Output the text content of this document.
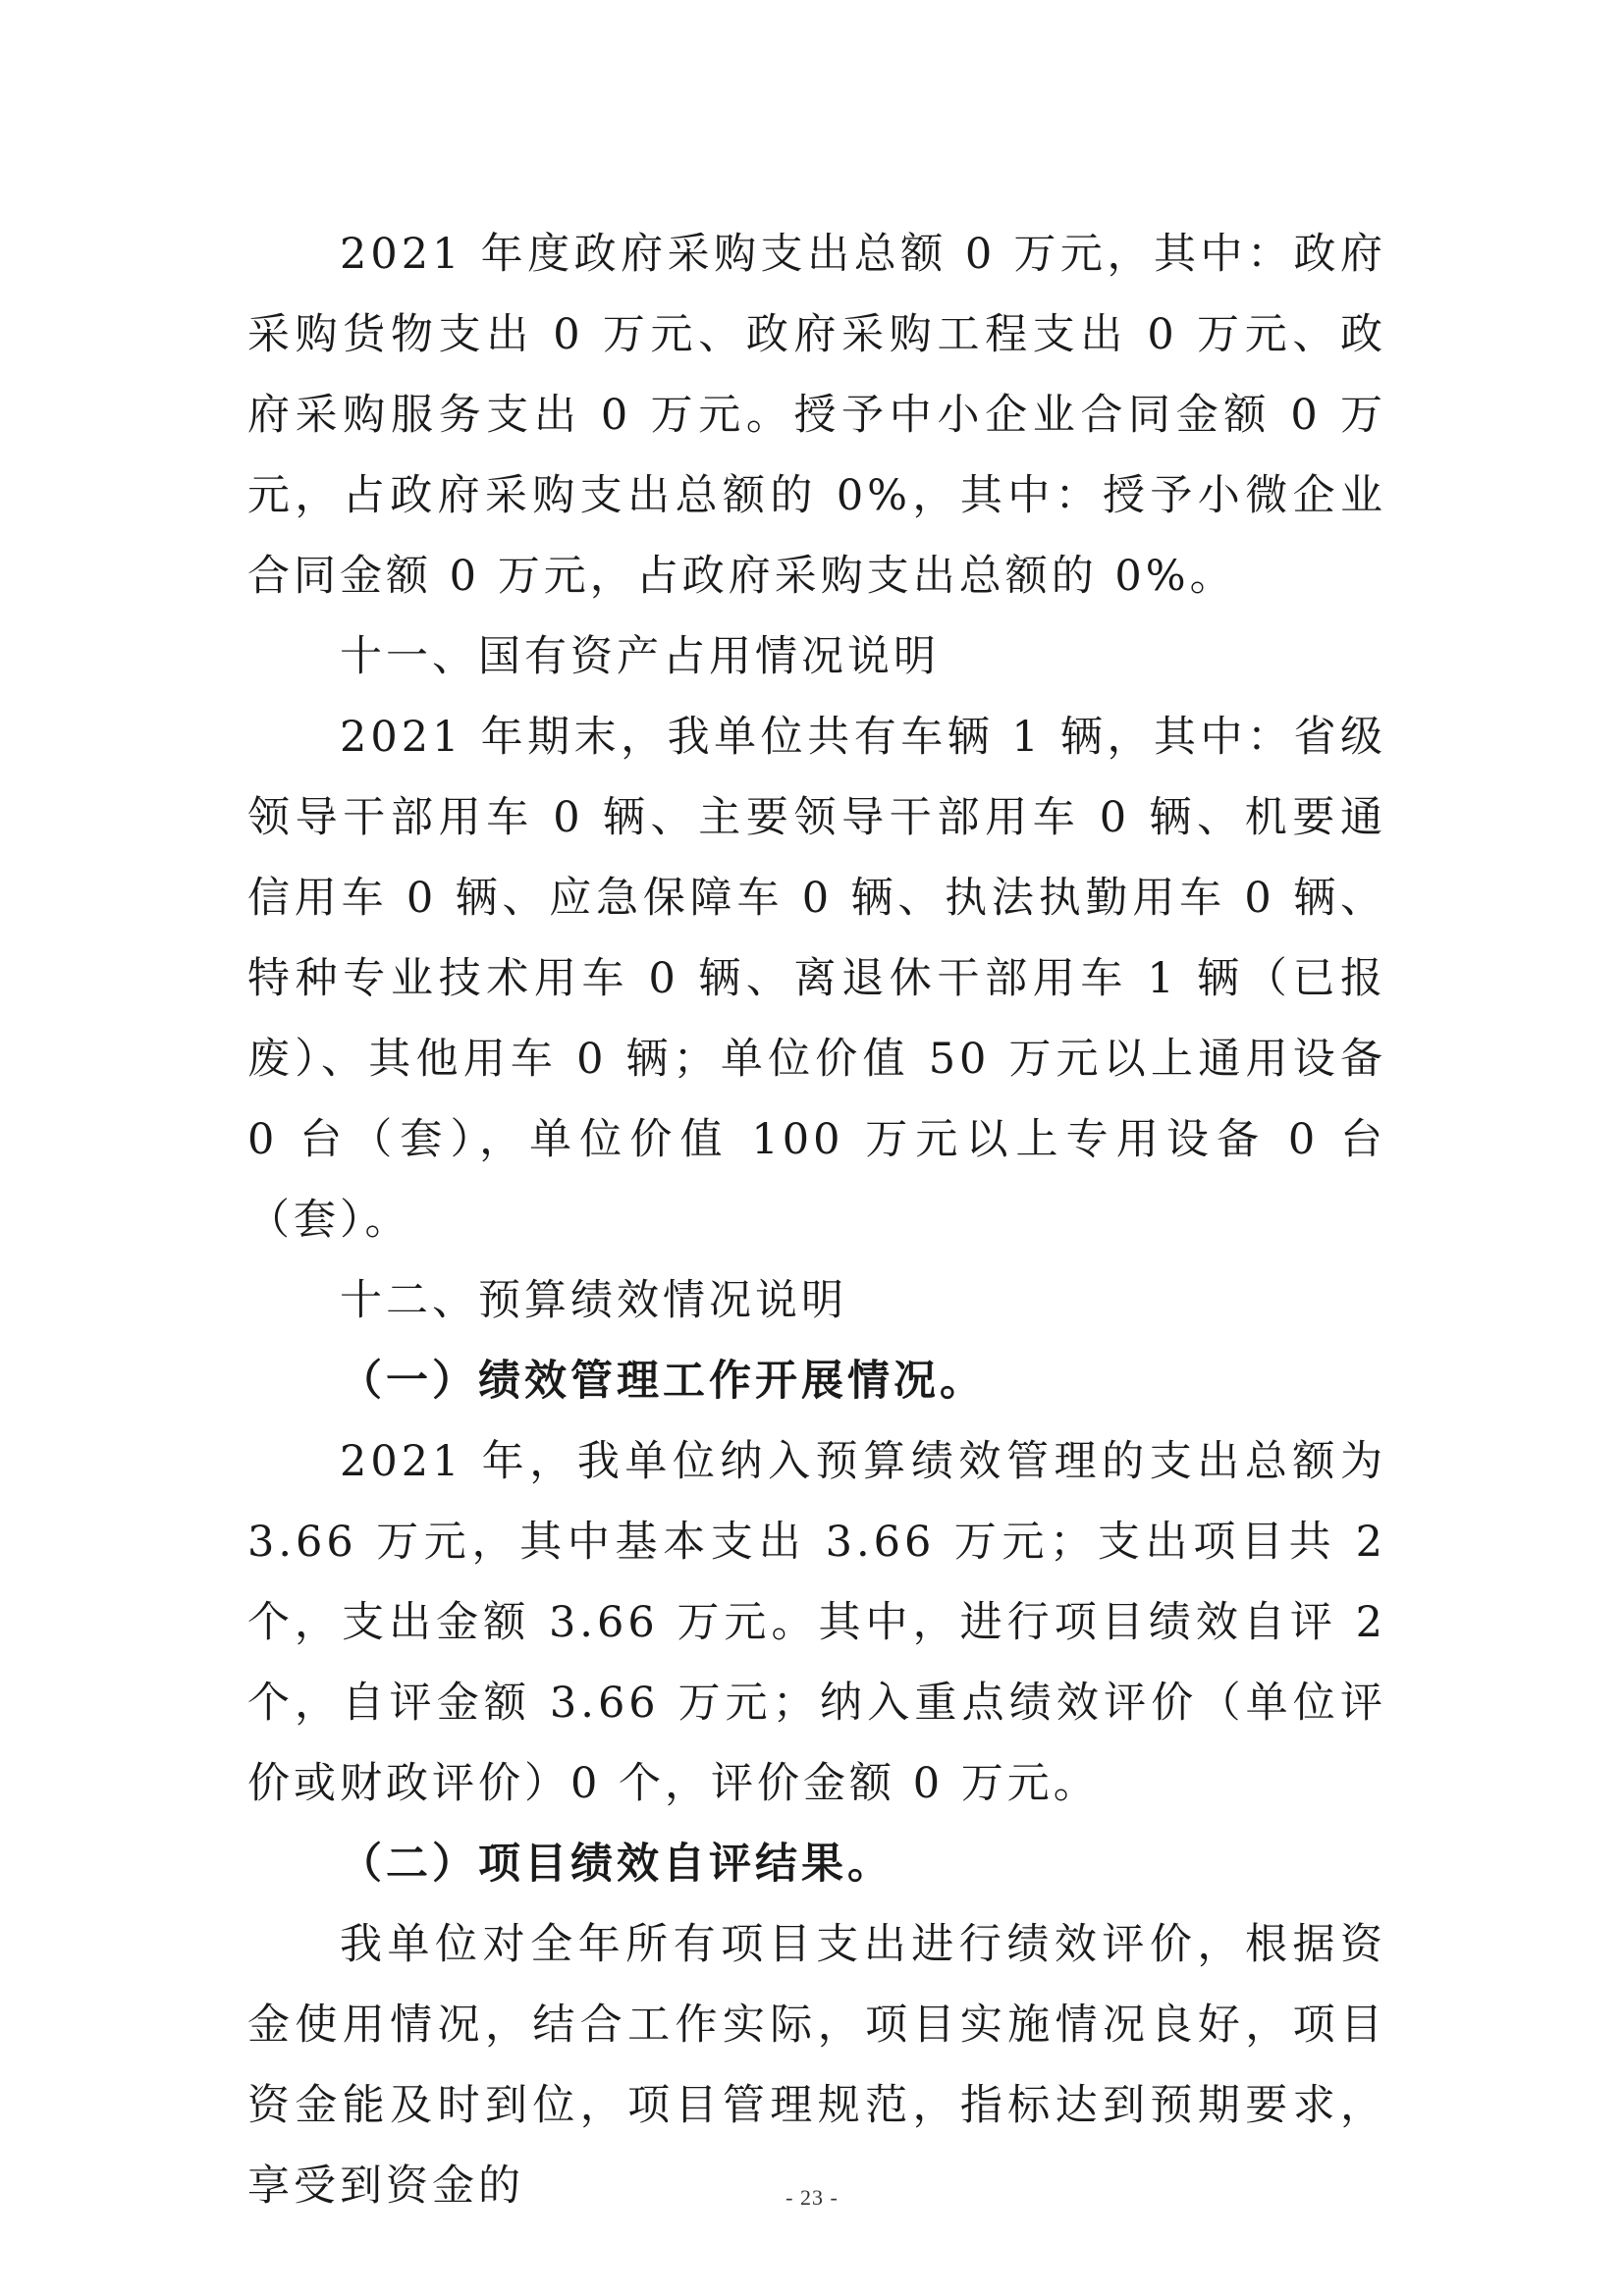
2021 年度政府采购支出总额 0 万元，其中：政府采购货物支出 0 万元、政府采购工程支出 0 万元、政府采购服务支出 0 万元。授予中小企业合同金额 0 万元，占政府采购支出总额的 0%，其中：授予小微企业合同金额 0 万元，占政府采购支出总额的 0%。

十一、国有资产占用情况说明

2021 年期末，我单位共有车辆 1 辆，其中：省级领导干部用车 0 辆、主要领导干部用车 0 辆、机要通信用车 0 辆、应急保障车 0 辆、执法执勤用车 0 辆、特种专业技术用车 0 辆、离退休干部用车 1 辆（已报废）、其他用车 0 辆；单位价值 50 万元以上通用设备 0 台（套），单位价值 100 万元以上专用设备 0 台（套）。

十二、预算绩效情况说明

（一）绩效管理工作开展情况。

2021 年，我单位纳入预算绩效管理的支出总额为 3.66 万元，其中基本支出 3.66 万元；支出项目共 2 个，支出金额 3.66 万元。其中，进行项目绩效自评 2 个，自评金额 3.66 万元；纳入重点绩效评价（单位评价或财政评价）0 个，评价金额 0 万元。

（二）项目绩效自评结果。

我单位对全年所有项目支出进行绩效评价，根据资金使用情况，结合工作实际，项目实施情况良好，项目资金能及时到位，项目管理规范，指标达到预期要求，享受到资金的	- 23 -
